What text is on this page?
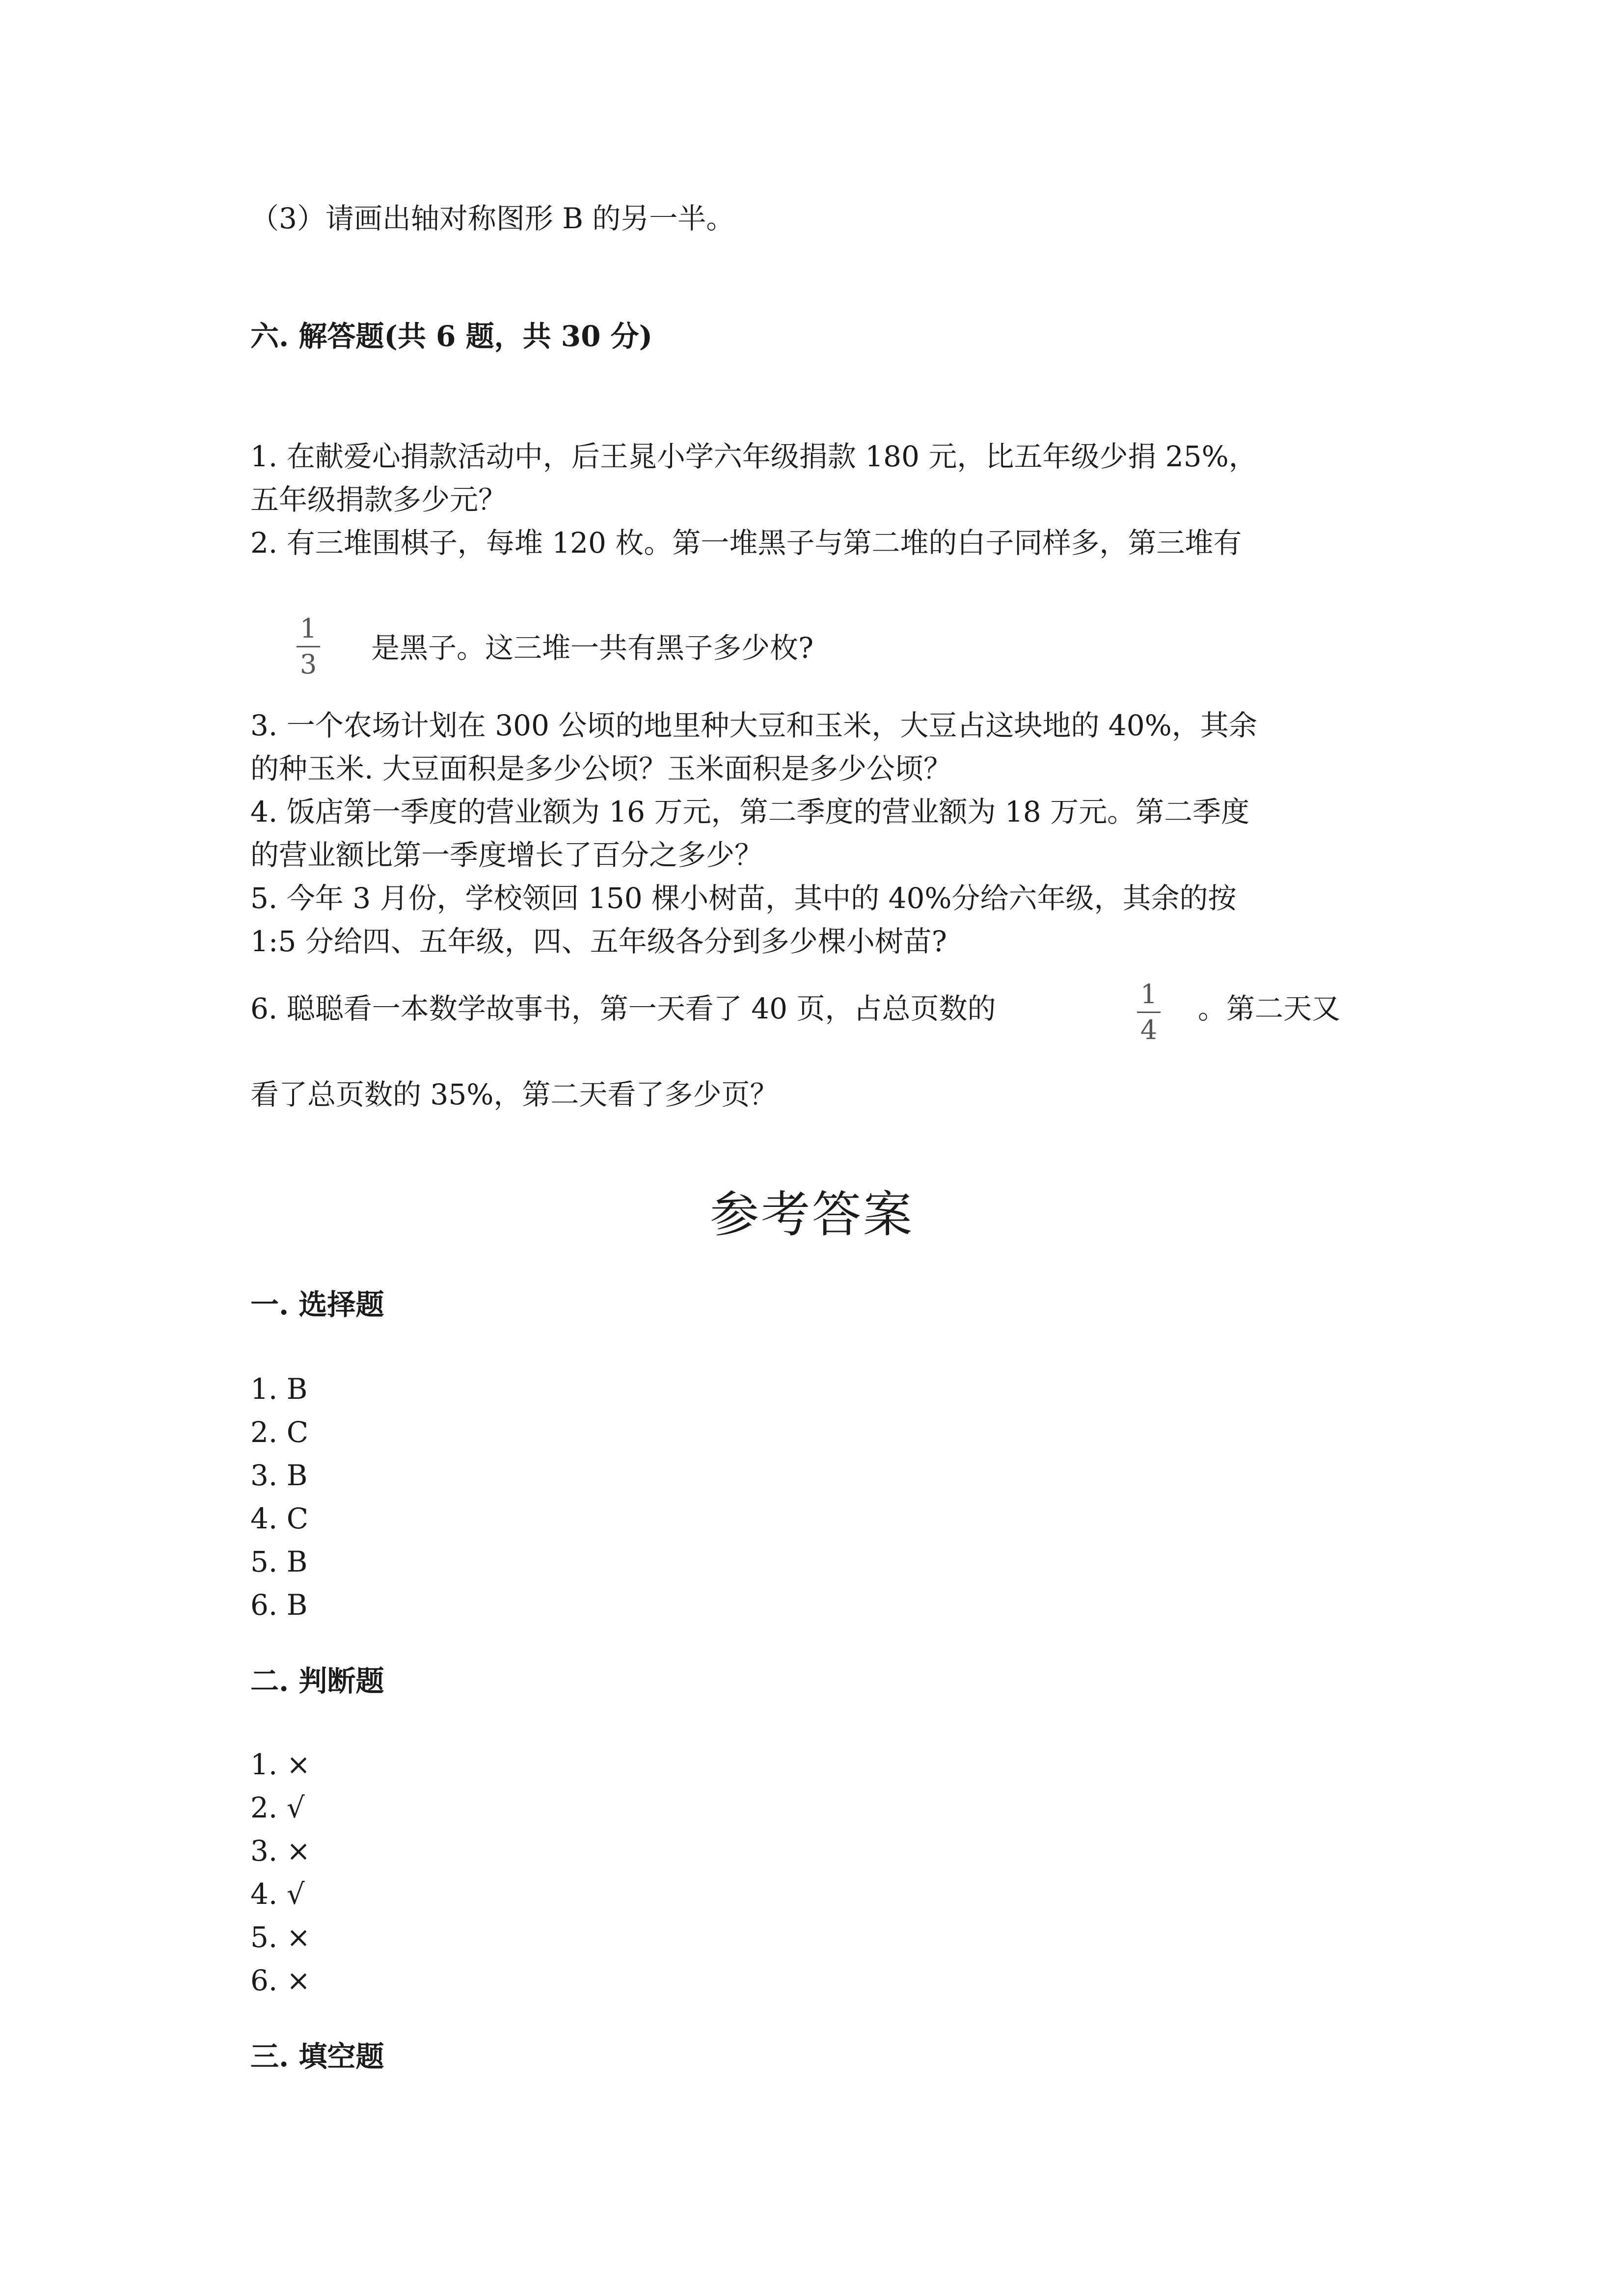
（3）请画出轴对称图形 B 的另一半。
六. 解答题(共 6 题，共 30 分)
1. 在献爱心捐款活动中，后王晁小学六年级捐款 180 元，比五年级少捐 25%，
五年级捐款多少元？
2. 有三堆围棋子，每堆 120 枚。第一堆黑子与第二堆的白子同样多，第三堆有
1
3 是黑子。这三堆一共有黑子多少枚?
3. 一个农场计划在 300 公顷的地里种大豆和玉米，大豆占这块地的 40%，其余
的种玉米. 大豆面积是多少公顷？玉米面积是多少公顷？
4. 饭店第一季度的营业额为 16 万元，第二季度的营业额为 18 万元。第二季度
的营业额比第一季度增长了百分之多少？
5. 今年 3 月份，学校领回 150 棵小树苗，其中的 40%分给六年级，其余的按
1:5 分给四、五年级，四、五年级各分到多少棵小树苗?
6. 聪聪看一本数学故事书，第一天看了 40 页，占总页数的	1
4
。第二天又
看了总页数的 35%，第二天看了多少页？
参考答案
一. 选择题
1. B
2. C
3. B
4. C
5. B
6. B
二. 判断题
1. ×
2. √
3. ×
4. √
5. ×
6. ×
三. 填空题
